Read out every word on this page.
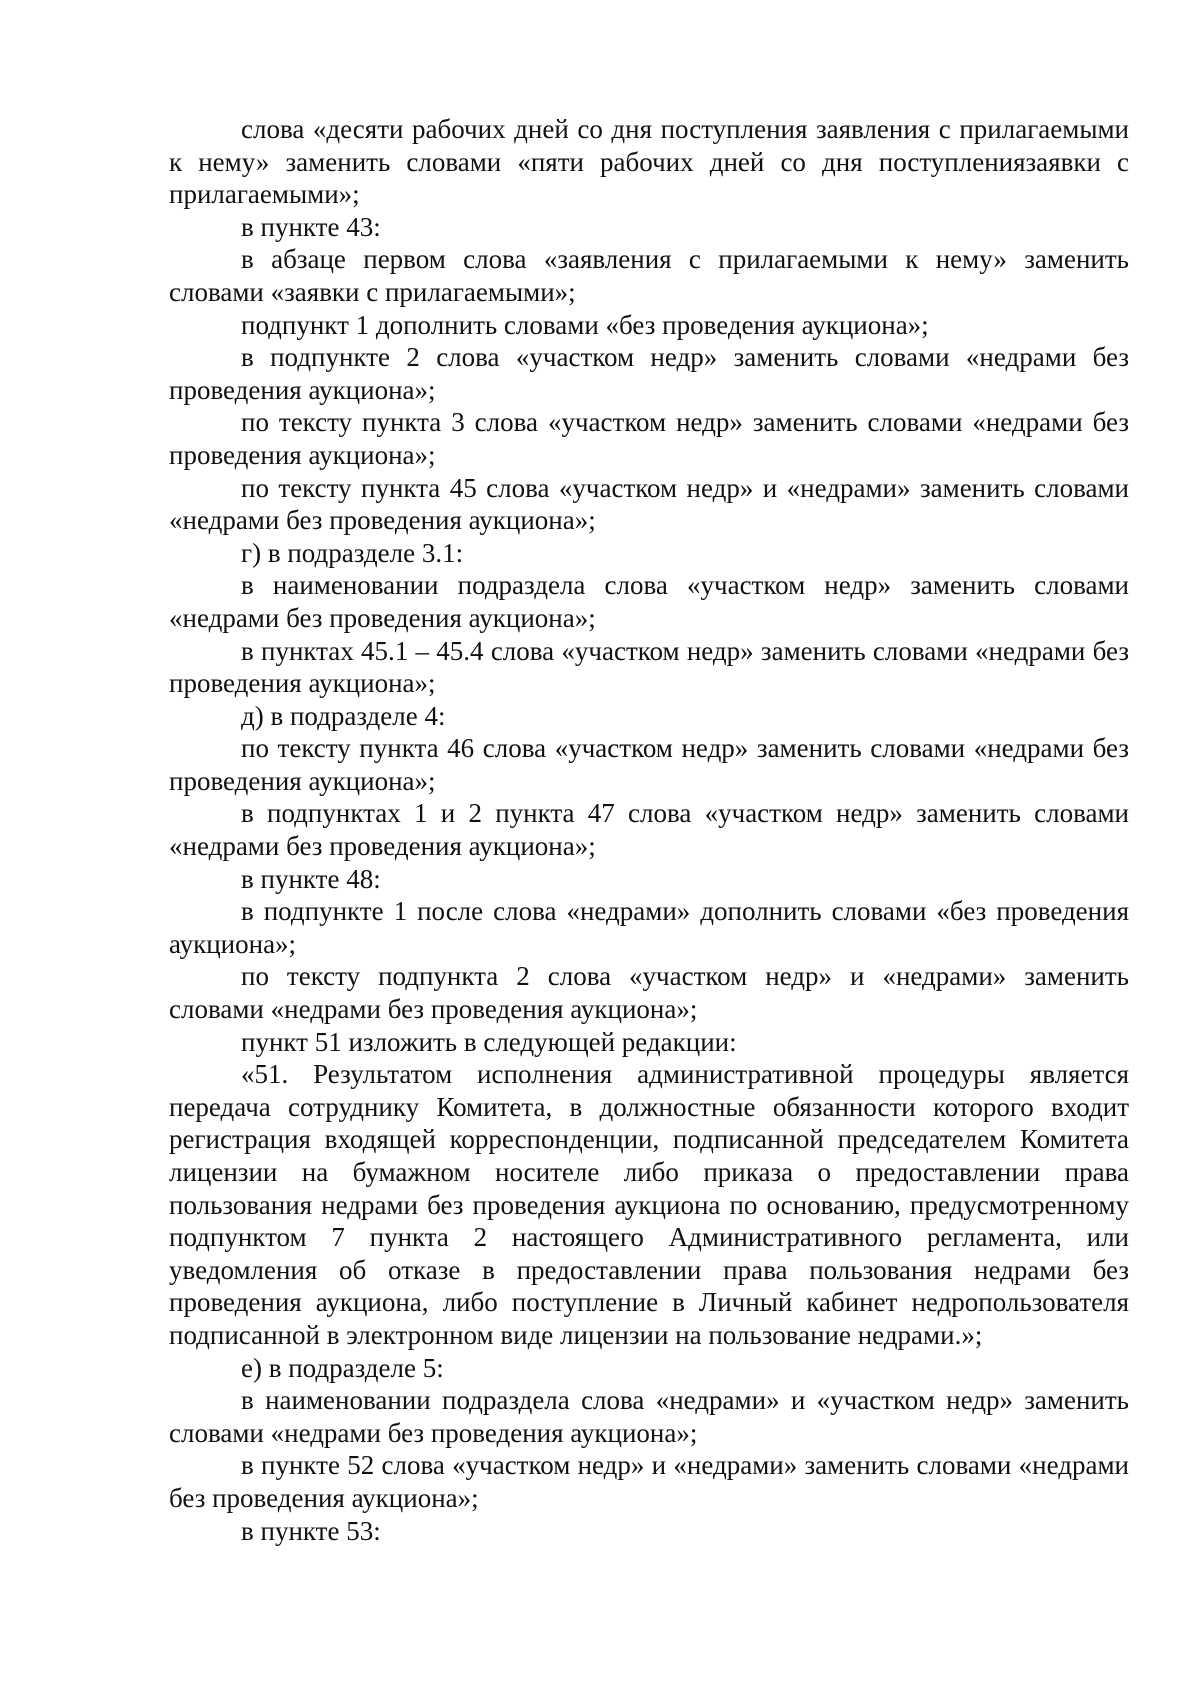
слова «десяти рабочих дней со дня поступления заявления с прилагаемыми к нему» заменить словами «пяти рабочих дней со дня поступлениязаявки с прилагаемыми»;

в пункте 43:

в абзаце первом слова «заявления с прилагаемыми к нему» заменить словами «заявки с прилагаемыми»;

подпункт 1 дополнить словами «без проведения аукциона»;

в подпункте 2 слова «участком недр» заменить словами «недрами без проведения аукциона»;

по тексту пункта 3 слова «участком недр» заменить словами «недрами без проведения аукциона»;

по тексту пункта 45 слова «участком недр» и «недрами» заменить словами «недрами без проведения аукциона»;

г) в подразделе 3.1:

в наименовании подраздела слова «участком недр» заменить словами «недрами без проведения аукциона»;

в пунктах 45.1 – 45.4 слова «участком недр» заменить словами «недрами без проведения аукциона»;

д) в подразделе 4:

по тексту пункта 46 слова «участком недр» заменить словами «недрами без проведения аукциона»;

в подпунктах 1 и 2 пункта 47 слова «участком недр» заменить словами «недрами без проведения аукциона»;

в пункте 48:

в подпункте 1 после слова «недрами» дополнить словами «без проведения аукциона»;

по тексту подпункта 2 слова «участком недр» и «недрами» заменить словами «недрами без проведения аукциона»;

пункт 51 изложить в следующей редакции:

«51. Результатом исполнения административной процедуры является передача сотруднику Комитета, в должностные обязанности которого входит регистрация входящей корреспонденции, подписанной председателем Комитета лицензии на бумажном носителе либо приказа о предоставлении права пользования недрами без проведения аукциона по основанию, предусмотренному подпунктом 7 пункта 2 настоящего Административного регламента, или уведомления об отказе в предоставлении права пользования недрами без проведения аукциона, либо поступление в Личный кабинет недропользователя подписанной в электронном виде лицензии на пользование недрами.»;

е) в подразделе 5:

в наименовании подраздела слова «недрами» и «участком недр» заменить словами «недрами без проведения аукциона»;

в пункте 52 слова «участком недр» и «недрами» заменить словами «недрами без проведения аукциона»;

в пункте 53:
